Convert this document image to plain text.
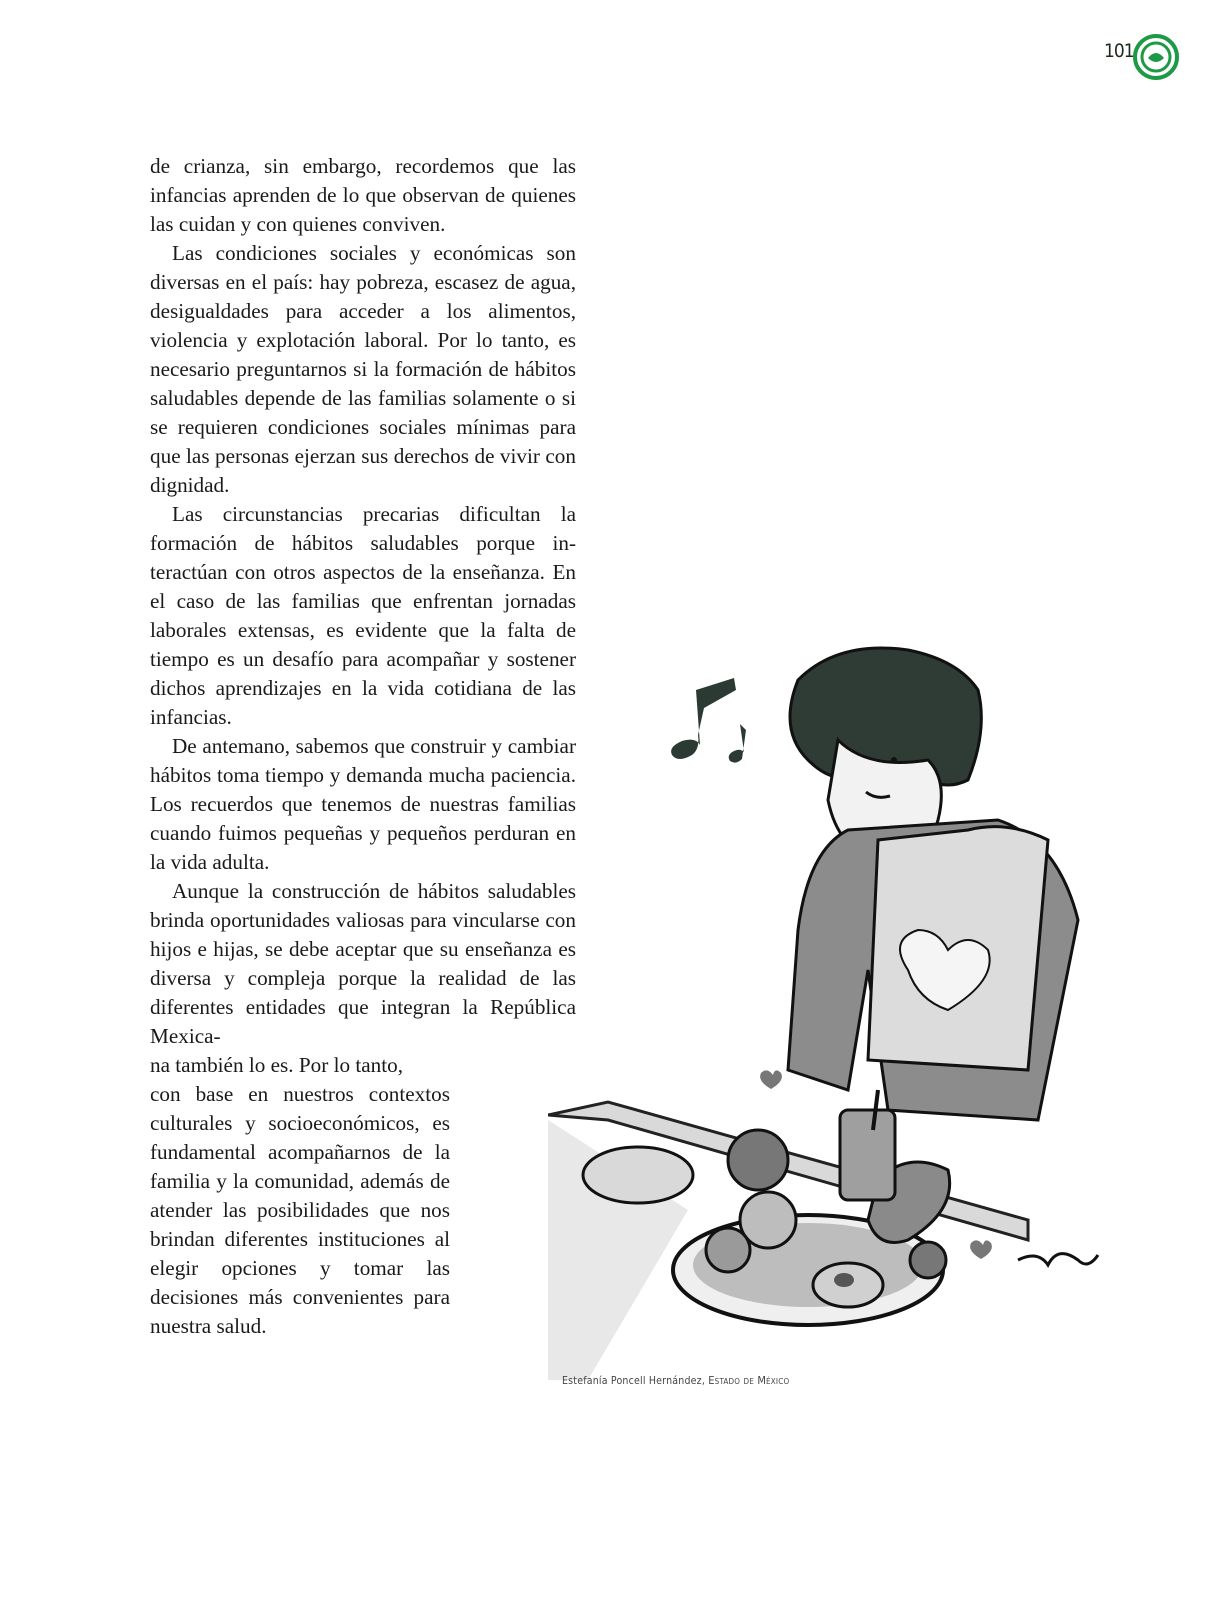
101

de crianza, sin embargo, recordemos que las infancias aprenden de lo que observan de quienes las cuidan y con quienes conviven.

Las condiciones sociales y económicas son diversas en el país: hay pobreza, escasez de agua, desigualdades para acceder a los alimentos, violencia y explotación laboral. Por lo tanto, es necesario preguntarnos si la formación de hábitos saludables depende de las familias solamente o si se requieren condiciones sociales mínimas para que las personas ejerzan sus derechos de vivir con dignidad.

Las circunstancias precarias dificultan la formación de hábitos saludables porque interactúan con otros aspectos de la enseñanza. En el caso de las familias que enfrentan jornadas laborales extensas, es evidente que la falta de tiempo es un desafío para acompañar y sostener dichos aprendizajes en la vida cotidiana de las infancias.

De antemano, sabemos que construir y cambiar hábitos toma tiempo y demanda mucha paciencia. Los recuerdos que tenemos de nuestras familias cuando fuimos pequeñas y pequeños perduran en la vida adulta.

Aunque la construcción de hábitos saludables brinda oportunidades valiosas para vincularse con hijos e hijas, se debe aceptar que su enseñanza es diversa y compleja porque la realidad de las diferentes entidades que integran la República Mexica-

na también lo es. Por lo tanto,
con base en nuestros contextos culturales y socioeconómicos, es fundamental acompañarnos de la familia y la comunidad, además de atender las posibilidades que nos brindan diferentes instituciones al elegir opciones y tomar las decisiones más convenientes para nuestra salud.
Estefanía Poncell Hernández, Estado de México
